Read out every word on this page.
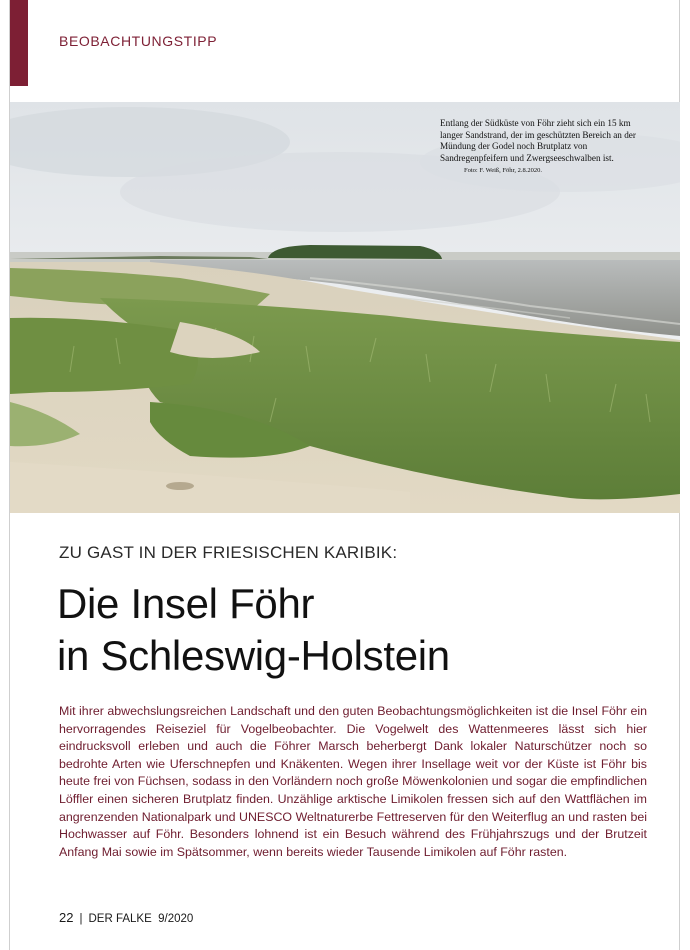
BEOBACHTUNGSTIPP
Entlang der Südküste von Föhr zieht sich ein 15 km langer Sandstrand, der im geschützten Bereich an der Mündung der Godel noch Brutplatz von Sandregenpfeifern und Zwergseeschwalben ist. Foto: F. Weiß, Föhr, 2.8.2020.
ZU GAST IN DER FRIESISCHEN KARIBIK:
Die Insel Föhr
in Schleswig-Holstein

Mit ihrer abwechslungsreichen Landschaft und den guten Beobachtungsmöglichkeiten ist die Insel Föhr ein hervorragendes Reiseziel für Vogelbeobachter. Die Vogelwelt des Wattenmeeres lässt sich hier eindrucksvoll erleben und auch die Föhrer Marsch beherbergt Dank lokaler Naturschützer noch so bedrohte Arten wie Uferschnepfen und Knäkenten. Wegen ihrer Insellage weit vor der Küste ist Föhr bis heute frei von Füchsen, sodass in den Vorländern noch große Möwenkolonien und sogar die empfindlichen Löffler einen sicheren Brutplatz finden. Unzählige arktische Limikolen fressen sich auf den Wattflächen im angrenzenden Nationalpark und UNESCO Weltnaturerbe Fettreserven für den Weiterflug an und rasten bei Hochwasser auf Föhr. Besonders lohnend ist ein Besuch während des Frühjahrszugs und der Brutzeit Anfang Mai sowie im Spätsommer, wenn bereits wieder Tausende Limikolen auf Föhr rasten.

22 | DER FALKE 9/2020
